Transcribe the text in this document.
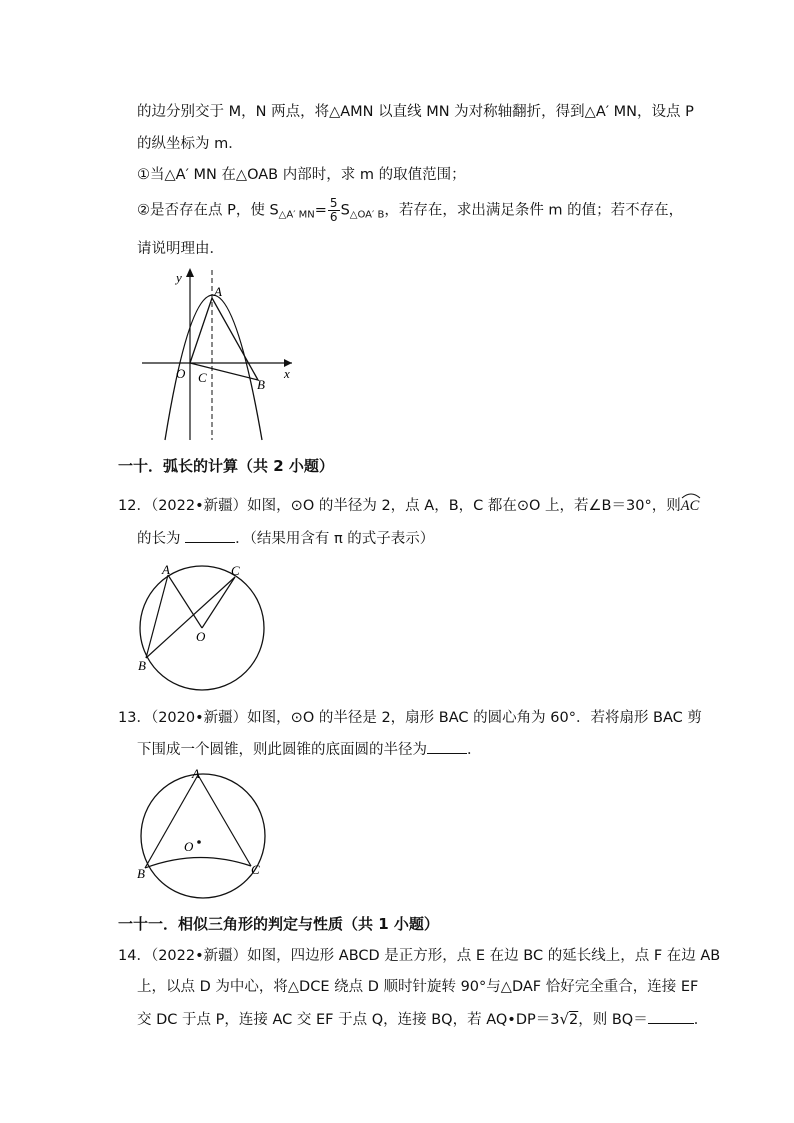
的边分别交于 M，N 两点，将△AMN 以直线 MN 为对称轴翻折，得到△A′ MN，设点 P
的纵坐标为 m．
①当△A′ MN 在△OAB 内部时，求 m 的取值范围；
②是否存在点 P，使 $S_{\triangle A' MN}= \frac{5}{6} S_{\triangle OA' B}$，若存在，求出满足条件 m 的值；若不存在，
请说明理由．
y
x
A
O C	B
一十．弧长的计算（共 2 小题）
12．（2022•新疆）如图，⊙O 的半径为 2，点 A，B，C 都在⊙O 上，若∠B＝30°，则AC
的长为	．（结果用含有 π 的式子表示）
A	C
O
B
13．（2020•新疆）如图，⊙O 的半径是 2，扇形 BAC 的圆心角为 60°．若将扇形 BAC 剪
下围成一个圆锥，则此圆锥的底面圆的半径为	．
A
O
B	C
一十一．相似三角形的判定与性质（共 1 小题）
14．（2022•新疆）如图，四边形 ABCD 是正方形，点 E 在边 BC 的延长线上，点 F 在边 AB
上，以点 D 为中心，将△DCE 绕点 D 顺时针旋转 90°与△DAF 恰好完全重合，连接 EF
交 DC 于点 P，连接 AC 交 EF 于点 Q，连接 BQ，若 AQ•DP＝3√2，则 BQ＝	．
